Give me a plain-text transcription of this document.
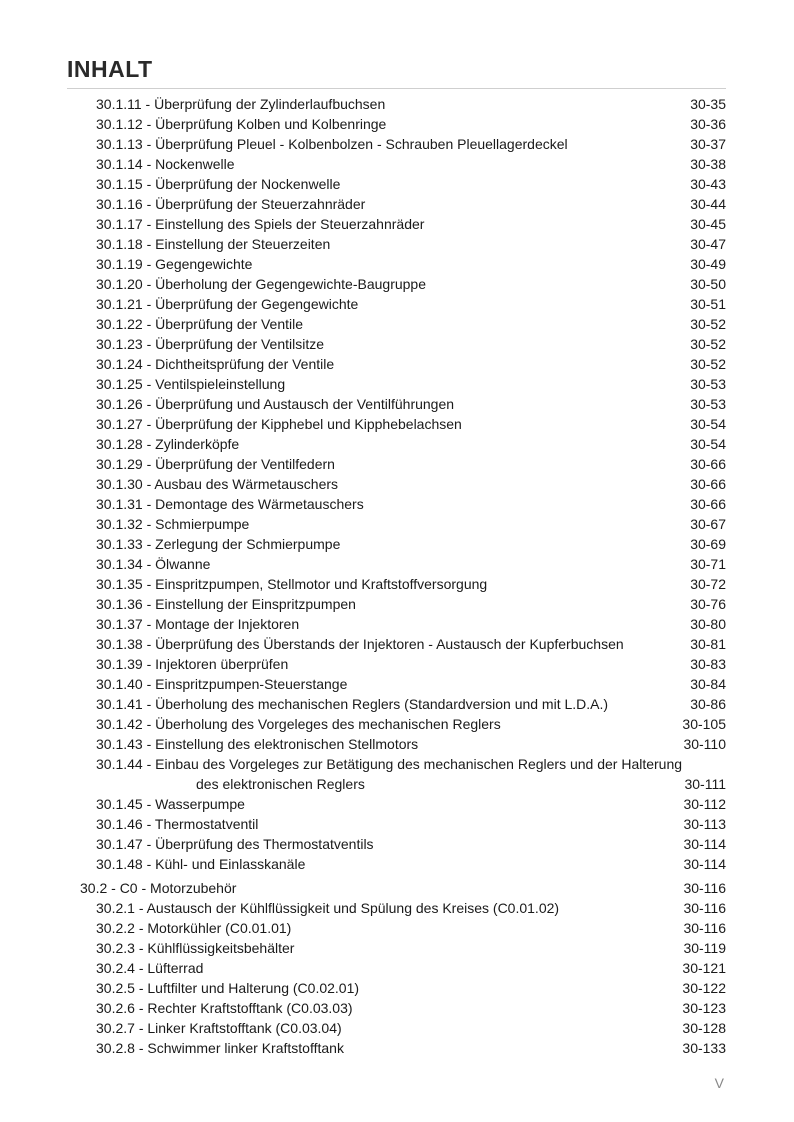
INHALT
30.1.11 - Überprüfung der Zylinderlaufbuchsen	30-35
30.1.12 - Überprüfung Kolben und Kolbenringe	30-36
30.1.13 - Überprüfung Pleuel - Kolbenbolzen - Schrauben Pleuellagerdeckel	30-37
30.1.14 - Nockenwelle	30-38
30.1.15 - Überprüfung der Nockenwelle	30-43
30.1.16 - Überprüfung der Steuerzahnräder	30-44
30.1.17 - Einstellung des Spiels der Steuerzahnräder	30-45
30.1.18 - Einstellung der Steuerzeiten	30-47
30.1.19 - Gegengewichte	30-49
30.1.20 - Überholung der Gegengewichte-Baugruppe	30-50
30.1.21 - Überprüfung der Gegengewichte	30-51
30.1.22 - Überprüfung der Ventile	30-52
30.1.23 - Überprüfung der Ventilsitze	30-52
30.1.24 - Dichtheitsprüfung der Ventile	30-52
30.1.25 - Ventilspieleinstellung	30-53
30.1.26 - Überprüfung und Austausch der Ventilführungen	30-53
30.1.27 - Überprüfung der Kipphebel und Kipphebelachsen	30-54
30.1.28 - Zylinderköpfe	30-54
30.1.29 - Überprüfung der Ventilfedern	30-66
30.1.30 - Ausbau des Wärmetauschers	30-66
30.1.31 - Demontage des Wärmetauschers	30-66
30.1.32 - Schmierpumpe	30-67
30.1.33 - Zerlegung der Schmierpumpe	30-69
30.1.34 - Ölwanne	30-71
30.1.35 - Einspritzpumpen, Stellmotor und Kraftstoffversorgung	30-72
30.1.36 - Einstellung der Einspritzpumpen	30-76
30.1.37 - Montage der Injektoren	30-80
30.1.38 - Überprüfung des Überstands der Injektoren - Austausch der Kupferbuchsen	30-81
30.1.39 - Injektoren überprüfen	30-83
30.1.40 - Einspritzpumpen-Steuerstange	30-84
30.1.41 - Überholung des mechanischen Reglers (Standardversion und mit L.D.A.)	30-86
30.1.42 - Überholung des Vorgeleges des mechanischen Reglers	30-105
30.1.43 - Einstellung des elektronischen Stellmotors	30-110
30.1.44 - Einbau des Vorgeleges zur Betätigung des mechanischen Reglers und der Halterung
des elektronischen Reglers	30-111
30.1.45 - Wasserpumpe	30-112
30.1.46 - Thermostatventil	30-113
30.1.47 - Überprüfung des Thermostatventils	30-114
30.1.48 - Kühl- und Einlasskanäle	30-114
30.2 - C0 - Motorzubehör	30-116
30.2.1 - Austausch der Kühlflüssigkeit und Spülung des Kreises (C0.01.02)	30-116
30.2.2 - Motorkühler (C0.01.01)	30-116
30.2.3 - Kühlflüssigkeitsbehälter	30-119
30.2.4 - Lüfterrad	30-121
30.2.5 - Luftfilter und Halterung (C0.02.01)	30-122
30.2.6 - Rechter Kraftstofftank (C0.03.03)	30-123
30.2.7 - Linker Kraftstofftank (C0.03.04)	30-128
30.2.8 - Schwimmer linker Kraftstofftank	30-133
V
